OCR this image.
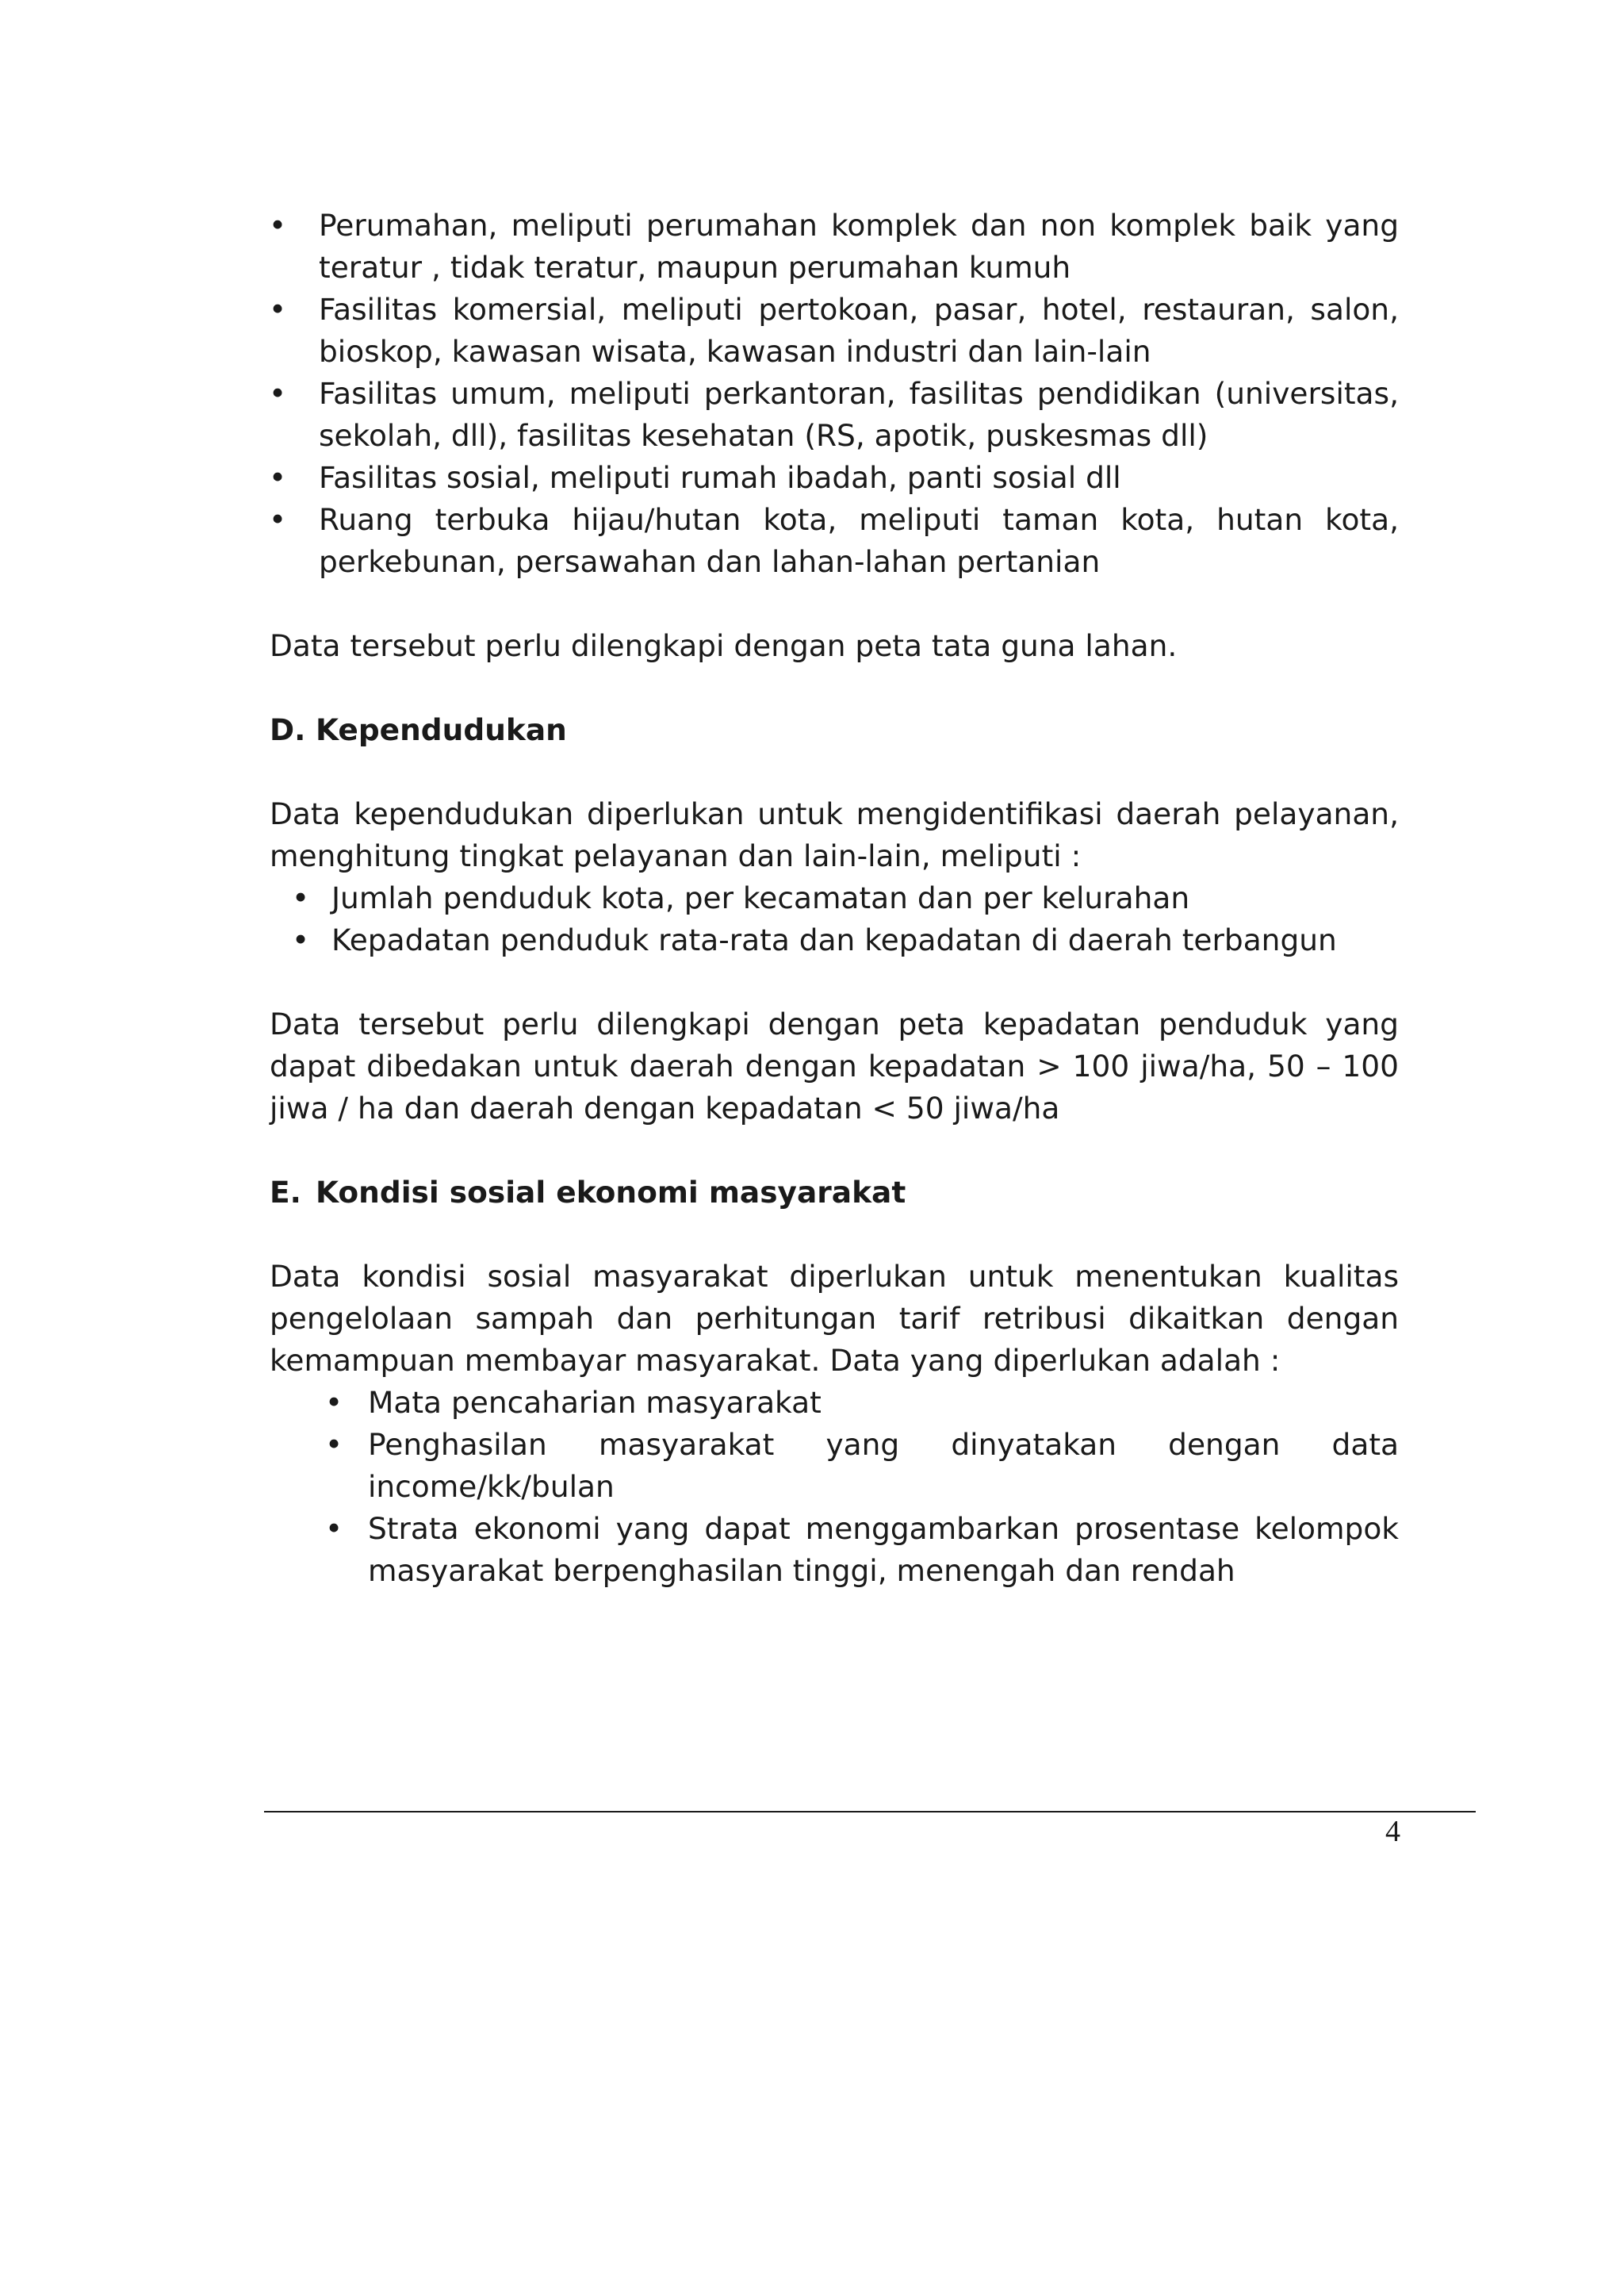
• Perumahan, meliputi perumahan komplek dan non komplek baik yang teratur , tidak teratur, maupun perumahan kumuh
• Fasilitas komersial, meliputi pertokoan, pasar, hotel, restauran, salon, bioskop, kawasan wisata, kawasan industri dan lain-lain
• Fasilitas umum, meliputi perkantoran, fasilitas pendidikan (universitas, sekolah, dll), fasilitas kesehatan (RS, apotik, puskesmas dll)
• Fasilitas sosial, meliputi rumah ibadah, panti sosial dll
• Ruang terbuka hijau/hutan kota, meliputi taman kota, hutan kota, perkebunan, persawahan dan lahan-lahan pertanian

Data tersebut perlu dilengkapi dengan peta tata guna lahan.

D. Kependudukan

Data kependudukan diperlukan untuk mengidentifikasi daerah pelayanan, menghitung tingkat pelayanan dan lain-lain, meliputi :

• Jumlah penduduk kota, per kecamatan dan per kelurahan
• Kepadatan penduduk rata-rata dan kepadatan di daerah terbangun

Data tersebut perlu dilengkapi dengan peta kepadatan penduduk yang dapat dibedakan untuk daerah dengan kepadatan > 100 jiwa/ha, 50 – 100 jiwa / ha dan daerah dengan kepadatan < 50 jiwa/ha

E. Kondisi sosial ekonomi masyarakat

Data kondisi sosial masyarakat diperlukan untuk menentukan kualitas pengelolaan sampah dan perhitungan tarif retribusi dikaitkan dengan kemampuan membayar masyarakat. Data yang diperlukan adalah :

• Mata pencaharian masyarakat
• Penghasilan masyarakat yang dinyatakan dengan data income/kk/bulan
• Strata ekonomi yang dapat menggambarkan prosentase kelompok masyarakat berpenghasilan tinggi, menengah dan rendah
4
